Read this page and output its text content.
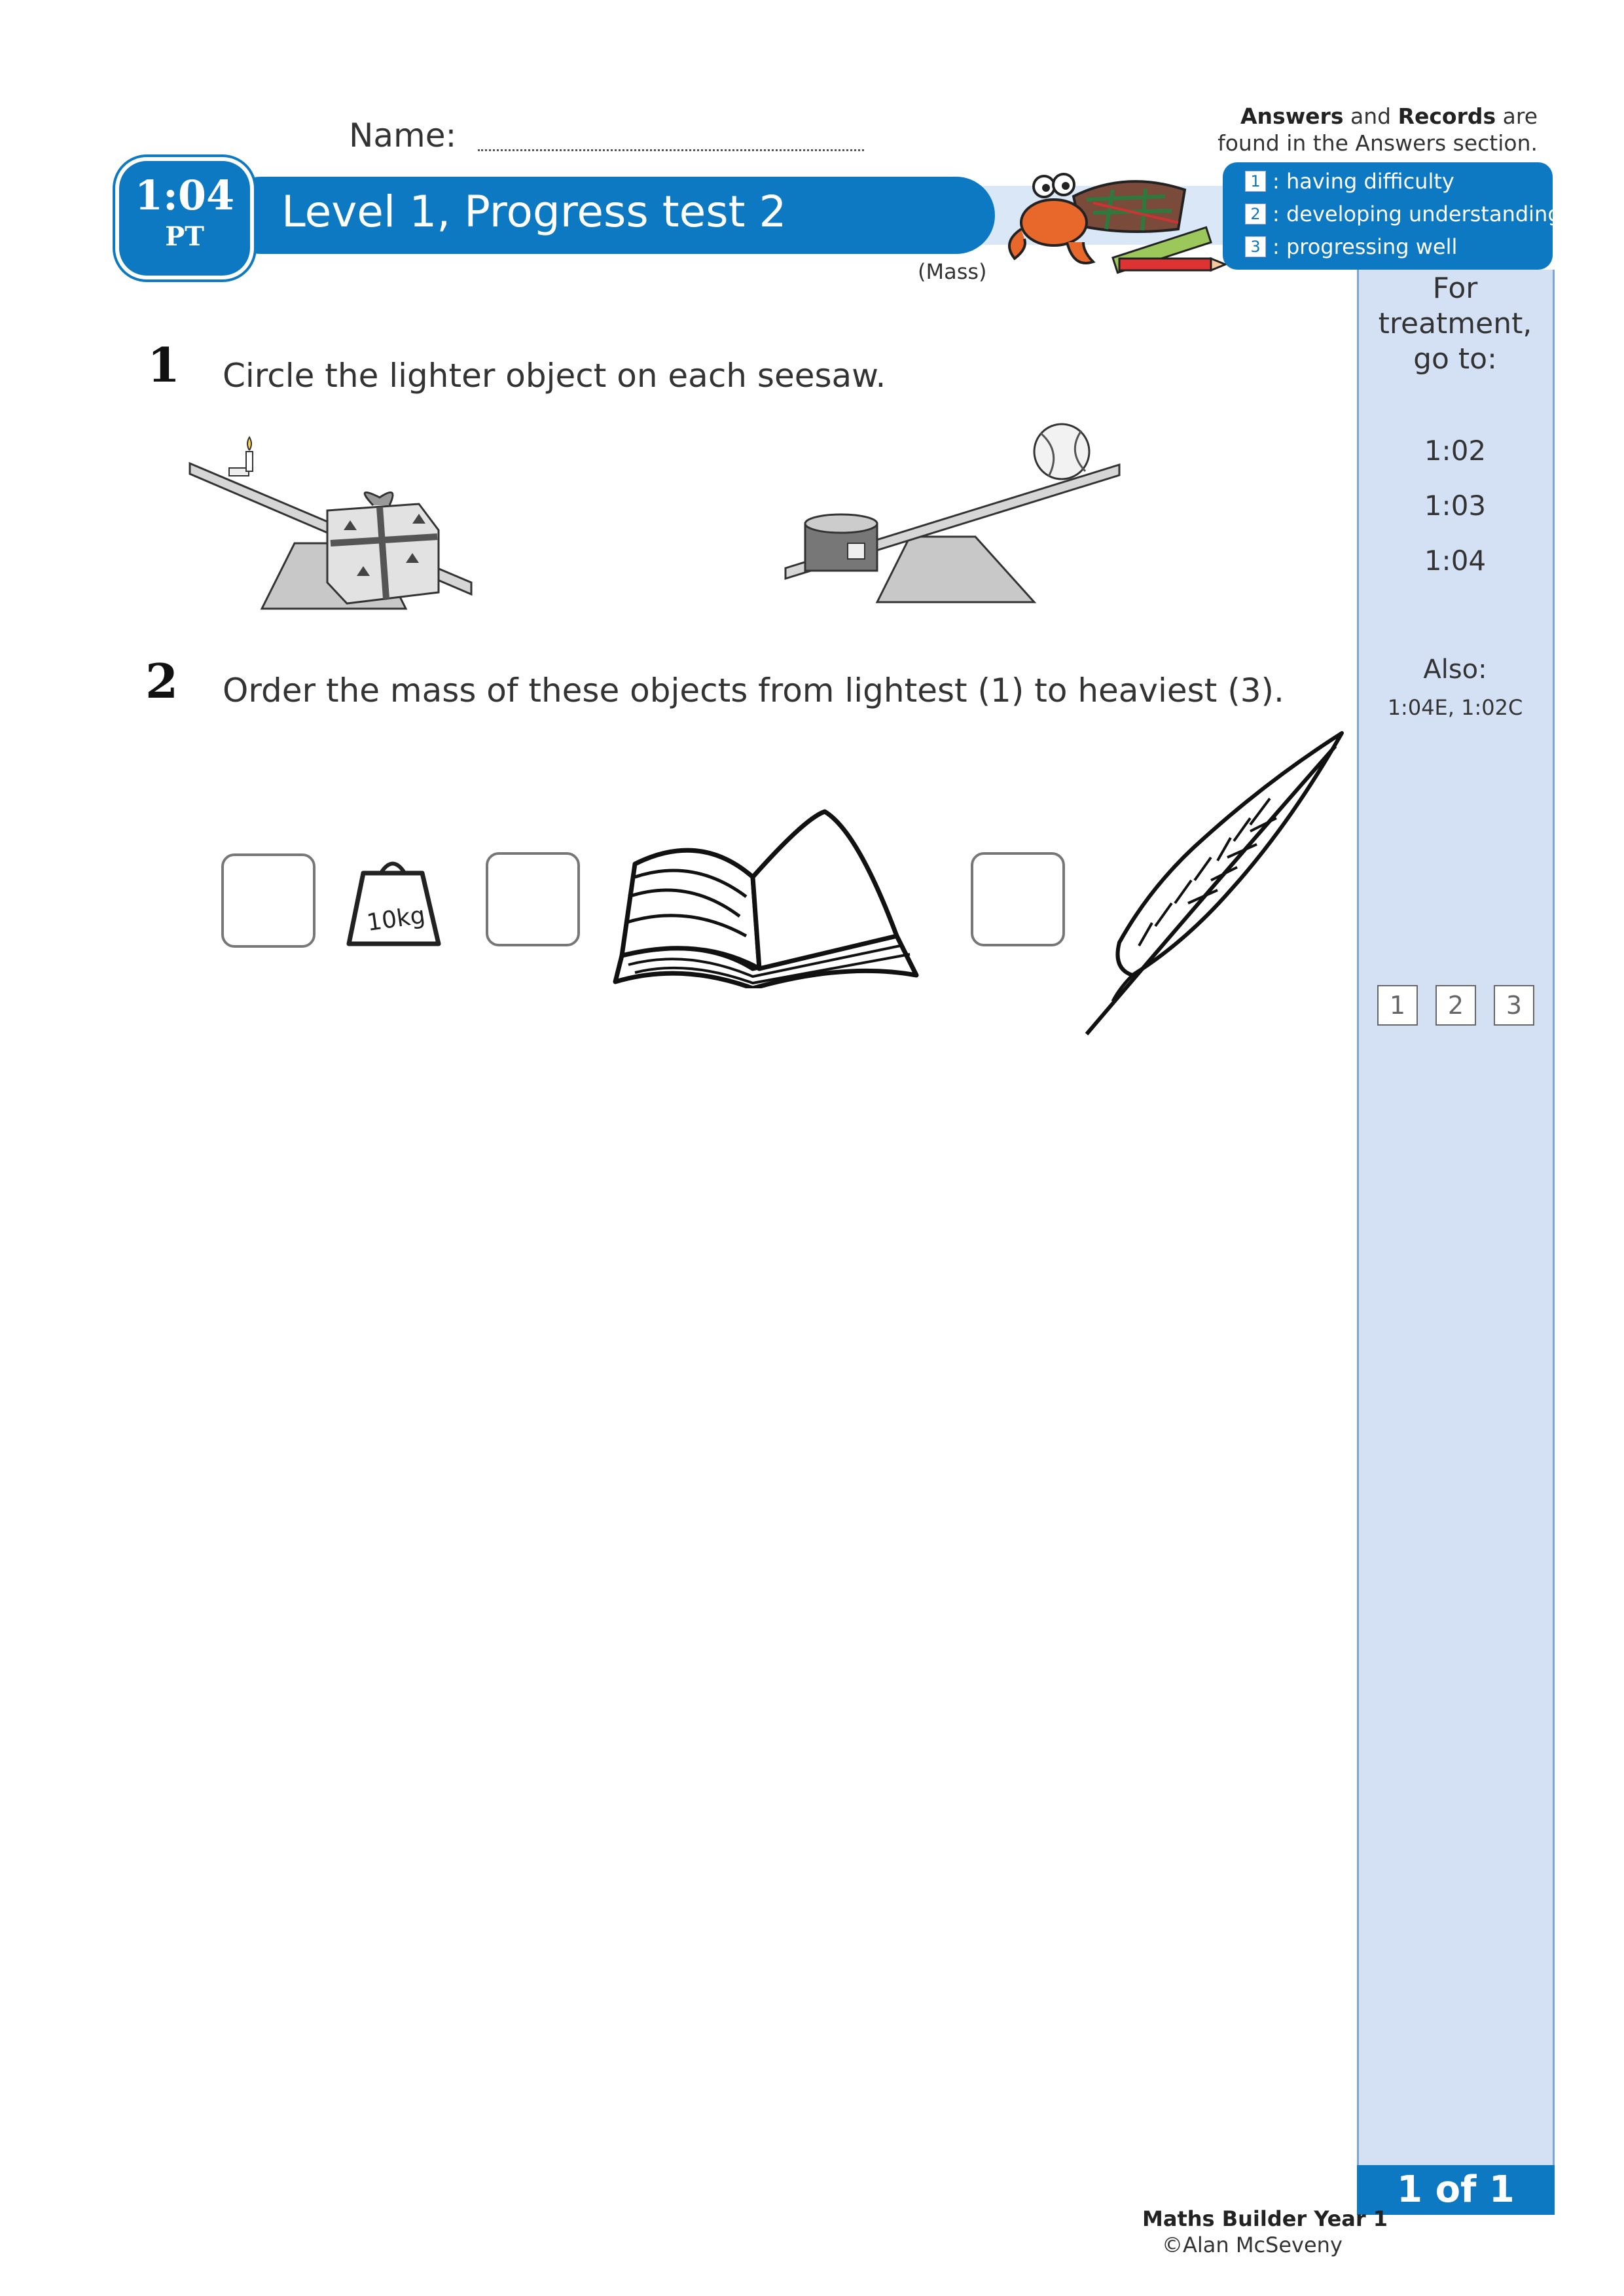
Name:
Answers and Records are
found in the Answers section.
Level 1, Progress test 2
1:04
PT
(Mass)
1 : having difficulty
2 : developing understanding
3 : progressing well
For treatment,
go to:
1:02
1:03
1:04
Also:
1:04E, 1:02C
1	2	3
1 of 1
1 Circle the lighter object on each seesaw.
2 Order the mass of these objects from lightest (1) to heaviest (3).
10kg
Maths Builder Year 1
©Alan McSeveny
